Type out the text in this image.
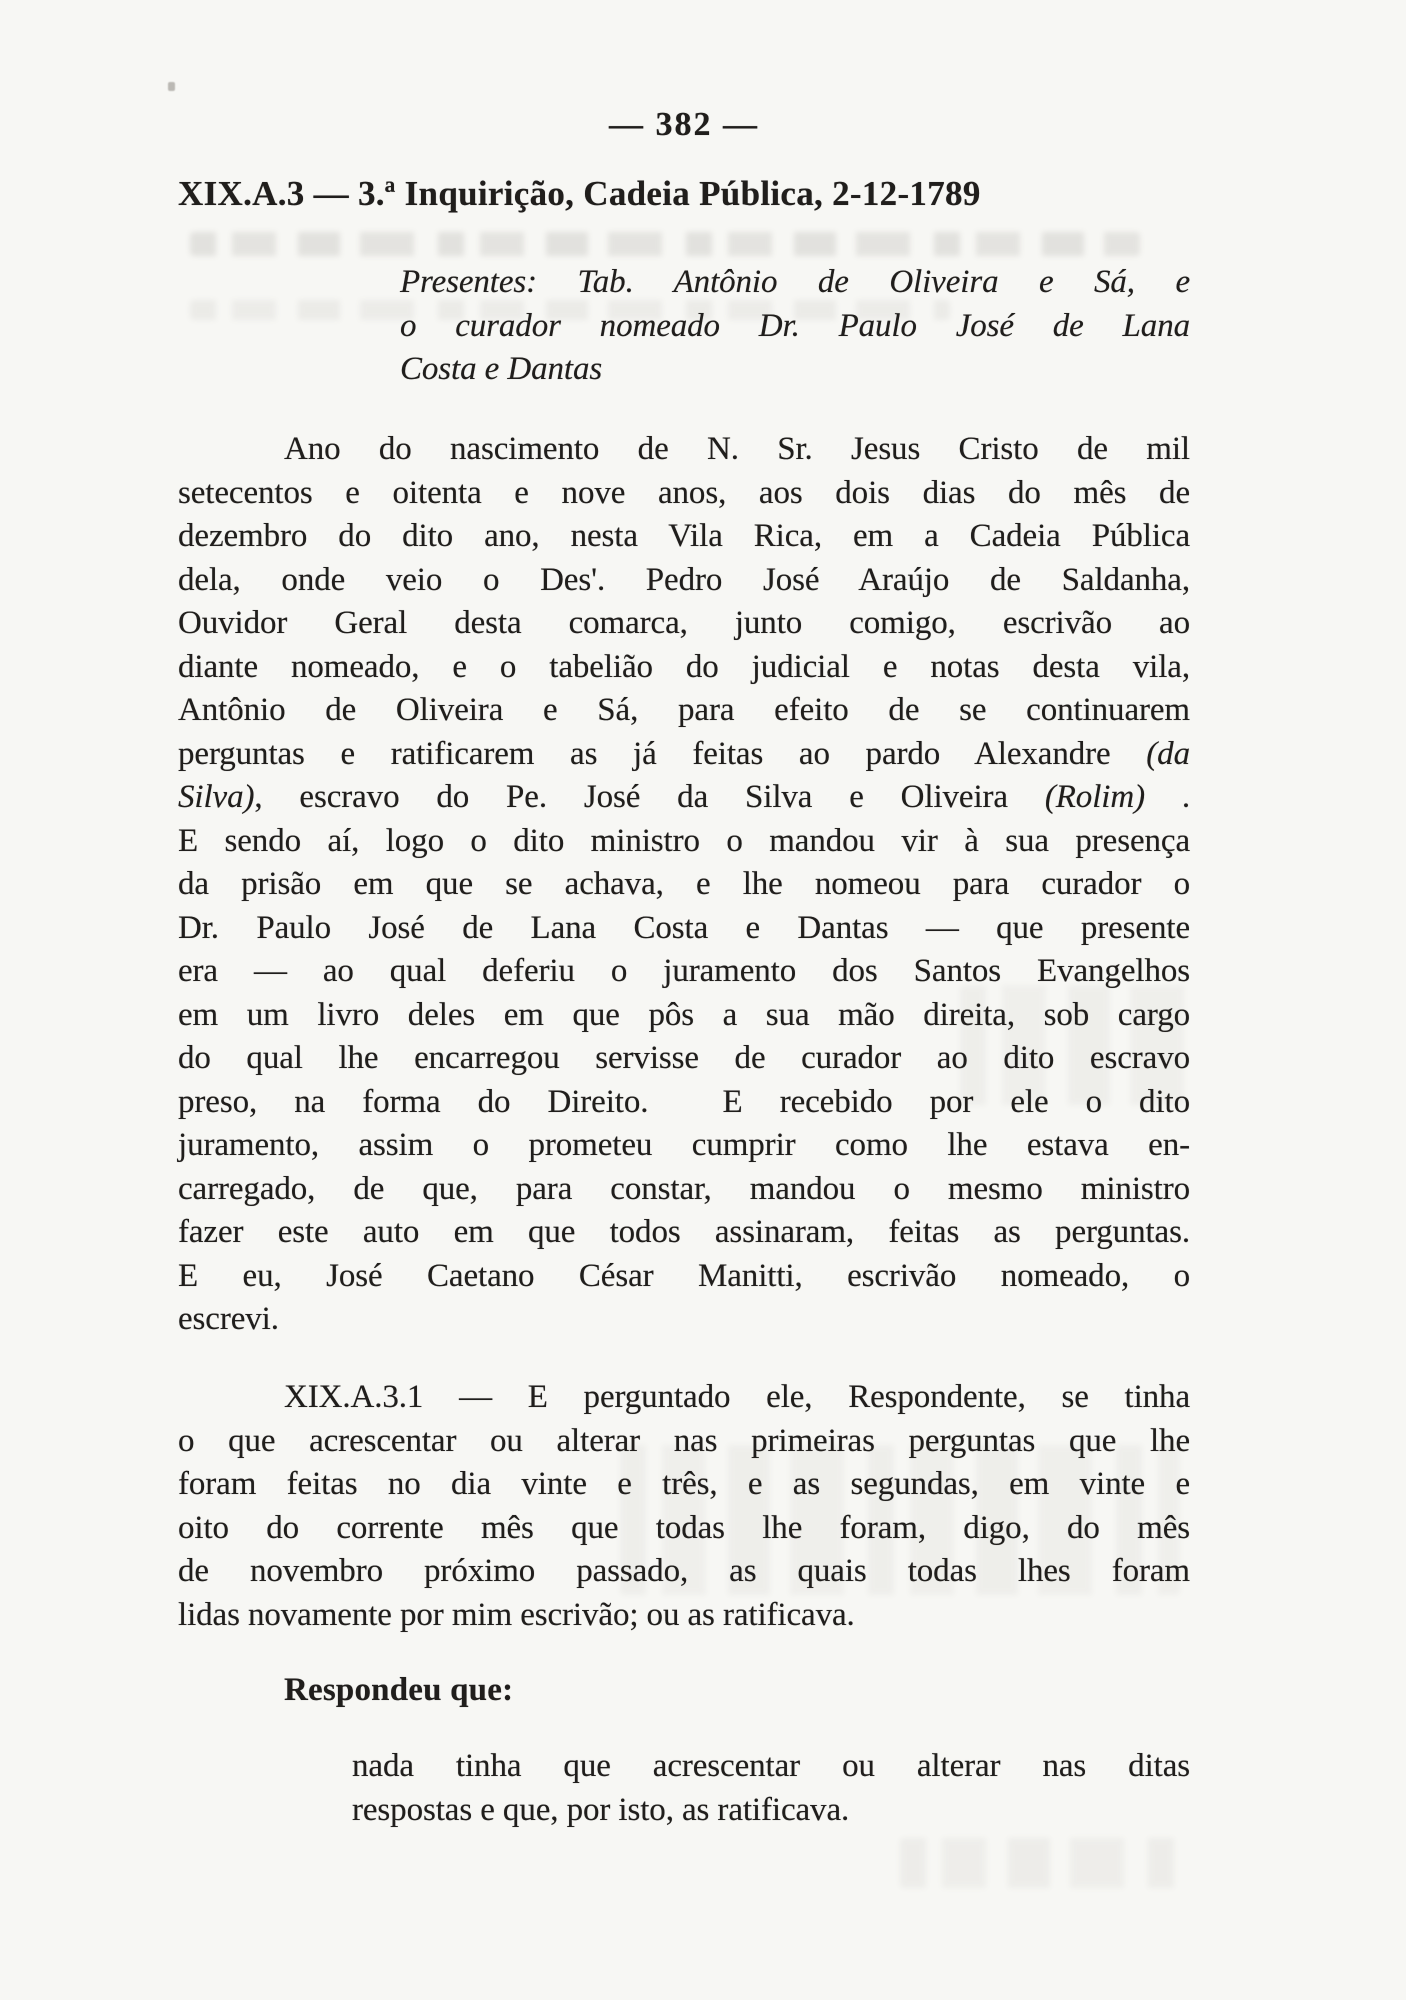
— 382 —
XIX.A.3 — 3.ª Inquirição, Cadeia Pública, 2-12-1789
Presentes: Tab. Antônio de Oliveira e Sá, e
o curador nomeado Dr. Paulo José de Lana
Costa e Dantas
Ano do nascimento de N. Sr. Jesus Cristo de mil
setecentos e oitenta e nove anos, aos dois dias do mês de
dezembro do dito ano, nesta Vila Rica, em a Cadeia Pública
dela, onde veio o Des'. Pedro José Araújo de Saldanha,
Ouvidor Geral desta comarca, junto comigo, escrivão ao
diante nomeado, e o tabelião do judicial e notas desta vila,
Antônio de Oliveira e Sá, para efeito de se continuarem
perguntas e ratificarem as já feitas ao pardo Alexandre (da
Silva), escravo do Pe. José da Silva e Oliveira (Rolim) .
E sendo aí, logo o dito ministro o mandou vir à sua presença
da prisão em que se achava, e lhe nomeou para curador o
Dr. Paulo José de Lana Costa e Dantas — que presente
era — ao qual deferiu o juramento dos Santos Evangelhos
em um livro deles em que pôs a sua mão direita, sob cargo
do qual lhe encarregou servisse de curador ao dito escravo
preso, na forma do Direito.  E recebido por ele o dito
juramento, assim o prometeu cumprir como lhe estava en-
carregado, de que, para constar, mandou o mesmo ministro
fazer este auto em que todos assinaram, feitas as perguntas.
E eu, José Caetano César Manitti, escrivão nomeado, o
escrevi.
XIX.A.3.1 — E perguntado ele, Respondente, se tinha
o que acrescentar ou alterar nas primeiras perguntas que lhe
foram feitas no dia vinte e três, e as segundas, em vinte e
oito do corrente mês que todas lhe foram, digo, do mês
de novembro próximo passado, as quais todas lhes foram
lidas novamente por mim escrivão; ou as ratificava.
Respondeu que:
nada tinha que acrescentar ou alterar nas ditas
respostas e que, por isto, as ratificava.
